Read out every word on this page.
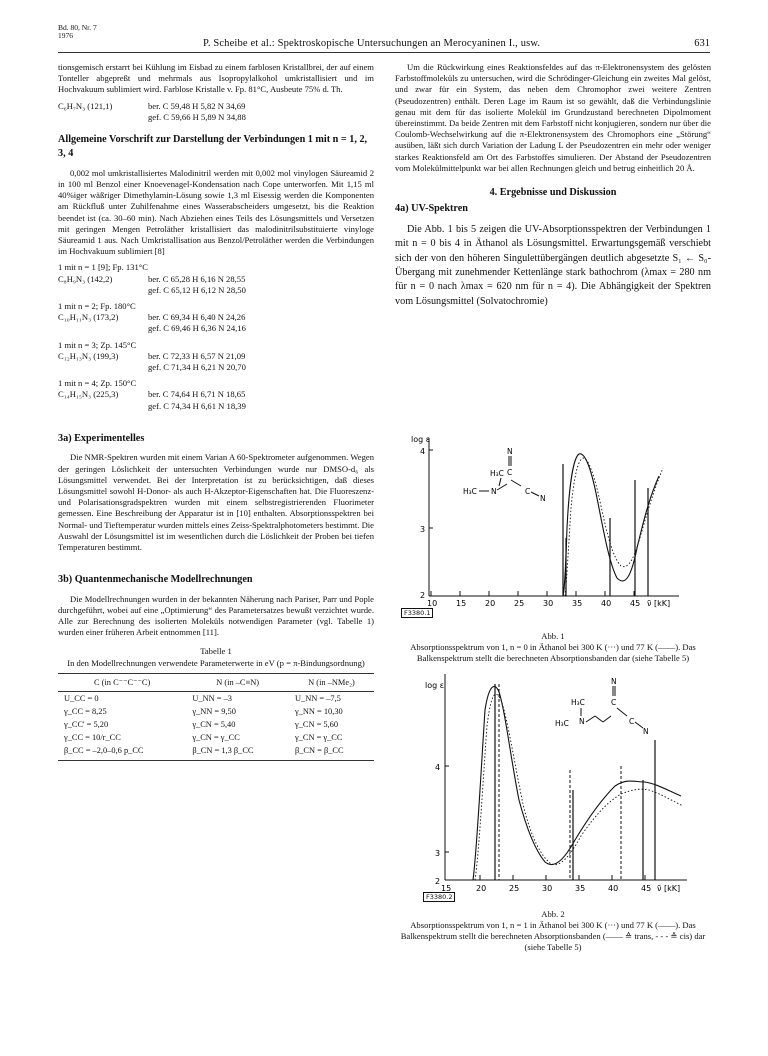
Bd. 80, Nr. 7
1976
P. Scheibe et al.: Spektroskopische Untersuchungen an Merocyaninen I., usw.	631

tionsgemisch erstarrt bei Kühlung im Eisbad zu einem farblosen Kristallbrei, der auf einem Tonteller abgepreßt und mehrmals aus Isopropylalkohol umkristallisiert und im Hochvakuum sublimiert wird. Farblose Kristalle v. Fp. 81°C, Ausbeute 75% d. Th.

C₆H₇N₃ (121,1)	ber. C 59,48 H 5,82 N 34,69
gef. C 59,66 H 5,89 N 34,88
Allgemeine Vorschrift zur Darstellung der Verbindungen 1 mit n = 1, 2, 3, 4

0,002 mol umkristallisiertes Malodinitril werden mit 0,002 mol vinylogen Säureamid 2 in 100 ml Benzol einer Knoevenagel-Kondensation nach Cope unterworfen. Mit 1,15 ml 40%iger wäßriger Dimethylamin-Lösung sowie 1,3 ml Eisessig werden die Komponenten am Rückfluß unter Zuhilfenahme eines Wasserabscheiders umgesetzt, bis die Reaktion beendet ist (ca. 30–60 min). Nach Abziehen eines Teils des Lösungsmittels und Versetzen mit geringen Mengen Petroläther kristallisiert das malodinitrilsubstituierte vinyloge Säureamid 1 aus. Nach Umkristallisation aus Benzol/Petroläther werden die Verbindungen im Hochvakuum sublimiert [8]

1 mit n = 1 [9]; Fp. 131°C
C₈H₉N₃ (142,2)	ber. C 65,28 H 6,16 N 28,55
gef. C 65,12 H 6,12 N 28,50
1 mit n = 2; Fp. 180°C
C₁₀H₁₁N₃ (173,2)	ber. C 69,34 H 6,40 N 24,26
gef. C 69,46 H 6,36 N 24,16
1 mit n = 3; Zp. 145°C
C₁₂H₁₃N₃ (199,3)	ber. C 72,33 H 6,57 N 21,09
gef. C 71,34 H 6,21 N 20,70
1 mit n = 4; Zp. 150°C
C₁₄H₁₅N₃ (225,3)	ber. C 74,64 H 6,71 N 18,65
gef. C 74,34 H 6,61 N 18,39
3a) Experimentelles

Die NMR-Spektren wurden mit einem Varian A 60-Spektrometer aufgenommen. Wegen der geringen Löslichkeit der untersuchten Verbindungen wurde nur DMSO-d₆ als Lösungsmittel verwendet. Bei der Interpretation ist zu berücksichtigen, daß dieses Lösungsmittel sowohl H-Donor- als auch H-Akzeptor-Eigenschaften hat. Die Fluoreszenz- und Polarisationsgradspektren wurden mit einem selbstregistrierenden Fluorimeter gemessen. Eine Beschreibung der Apparatur ist in [10] enthalten. Absorptionsspektren bei Normal- und Tieftemperatur wurden mittels eines Zeiss-Spektralphotometers bestimmt. Die Auswahl der Lösungsmittel ist im wesentlichen durch die Löslichkeit der Proben bei tiefen Temperaturen bestimmt.

3b) Quantenmechanische Modellrechnungen

Die Modellrechnungen wurden in der bekannten Näherung nach Pariser, Parr und Pople durchgeführt, wobei auf eine „Optimierung“ des Parametersatzes bewußt verzichtet wurde. Alle zur Berechnung des isolierten Moleküls notwendigen Parameter (vgl. Tabelle 1) wurden einer früheren Arbeit entnommen [11].

Tabelle 1
In den Modellrechnungen verwendete Parameterwerte in eV (p = π-Bindungsordnung)
C (in C⁻⁻C⁻⁻C)	N (in –C≡N)	N (in –NMe₂)
U_CC = 0	U_NN = –3	U_NN = –7,5
γ_CC = 8,25	γ_NN = 9,50	γ_NN = 10,30
γ_CC' = 5,20	γ_CN = 5,40	γ_CN = 5,60
γ_CC = 10/r_CC	γ_CN = γ_CC	γ_CN = γ_CC
β_CC = –2,0–0,6 p_CC	β_CN = 1,3 β_CC	β_CN = β_CC

Um die Rückwirkung eines Reaktionsfeldes auf das π-Elektronensystem des gelösten Farbstoffmoleküls zu untersuchen, wird die Schrödinger-Gleichung ein zweites Mal gelöst, und zwar für ein System, das neben dem Chromophor zwei weitere Zentren (Pseudozentren) enthält. Deren Lage im Raum ist so gewählt, daß die Verbindungslinie genau mit dem für das isolierte Molekül im Grundzustand berechneten Dipolmoment übereinstimmt. Da beide Zentren mit dem Farbstoff nicht konjugieren, sondern nur über die Coulomb-Wechselwirkung auf die π-Elektronensystem des Chromophors eine „Störung“ ausüben, läßt sich durch Variation der Ladung L der Pseudozentren ein mehr oder weniger starkes Reaktionsfeld am Ort des Farbstoffes simulieren. Der Abstand der Pseudozentren vom Molekülmittelpunkt war bei allen Rechnungen gleich und betrug einheitlich 20 Å.

4. Ergebnisse und Diskussion
4a) UV-Spektren

Die Abb. 1 bis 5 zeigen die UV-Absorptionsspektren der Verbindungen 1 mit n = 0 bis 4 in Äthanol als Lösungsmittel. Erwartungsgemäß verschiebt sich der von den höheren Singulettübergängen deutlich abgesetzte S₁ ← S₀-Übergang mit zunehmender Kettenlänge stark bathochrom (λmax = 280 nm für n = 0 nach λmax = 620 nm für n = 4). Die Abhängigkeit der Spektren vom Lösungsmittel (Solvatochromie)

log ε
4
3
2
10 15 20 25 30 35 40 45 ν̃ [kK]
N
H₃C C
H₃C N	C
N
F3380.1
Abb. 1
Absorptionsspektrum von 1, n = 0 in Äthanol bei 300 K (···) und 77 K (——). Das Balkenspektrum stellt die berechneten Absorptionsbanden dar (siehe Tabelle 5)
log ε
4
3
2
15	20	25	30	35	40	45 ν̃ [kK]
N
C
H₃C
H₃C N	C
N
F3380.2
Abb. 2
Absorptionsspektrum von 1, n = 1 in Äthanol bei 300 K (···) und 77 K (——). Das Balkenspektrum stellt die berechneten Absorptionsbanden (—— ≙ trans, - - - ≙ cis) dar (siehe Tabelle 5)
